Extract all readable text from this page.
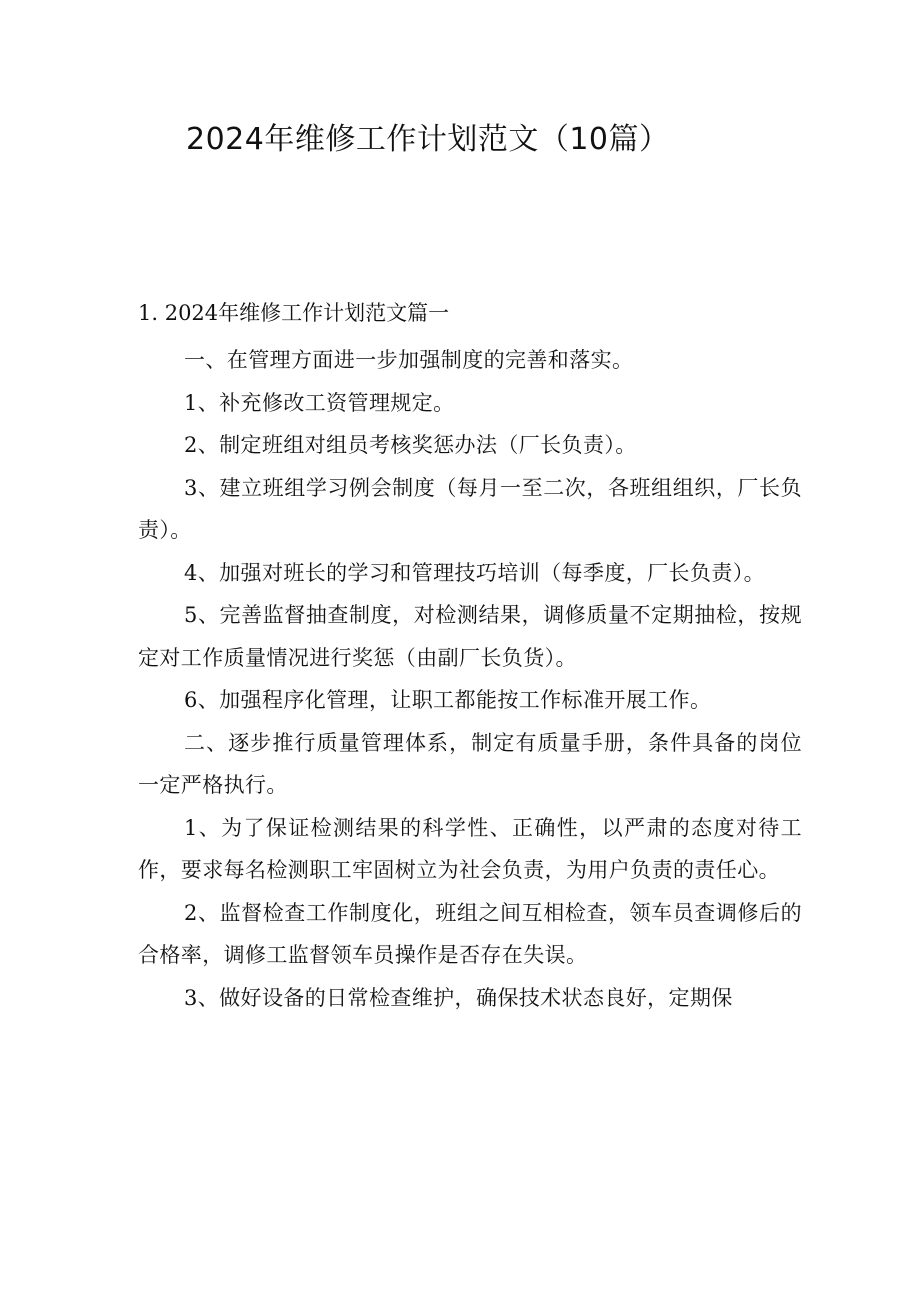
2024年维修工作计划范文（10篇）
1. 2024年维修工作计划范文篇一

一、在管理方面进一步加强制度的完善和落实。

1、补充修改工资管理规定。

2、制定班组对组员考核奖惩办法（厂长负责）。

3、建立班组学习例会制度（每月一至二次，各班组组织，厂长负责）。

4、加强对班长的学习和管理技巧培训（每季度，厂长负责）。

5、完善监督抽查制度，对检测结果，调修质量不定期抽检，按规定对工作质量情况进行奖惩（由副厂长负货）。

6、加强程序化管理，让职工都能按工作标准开展工作。

二、逐步推行质量管理体系，制定有质量手册，条件具备的岗位一定严格执行。

1、为了保证检测结果的科学性、正确性，以严肃的态度对待工作，要求每名检测职工牢固树立为社会负责，为用户负责的责任心。

2、监督检查工作制度化，班组之间互相检查，领车员查调修后的合格率，调修工监督领车员操作是否存在失误。

3、做好设备的日常检查维护，确保技术状态良好，定期保
